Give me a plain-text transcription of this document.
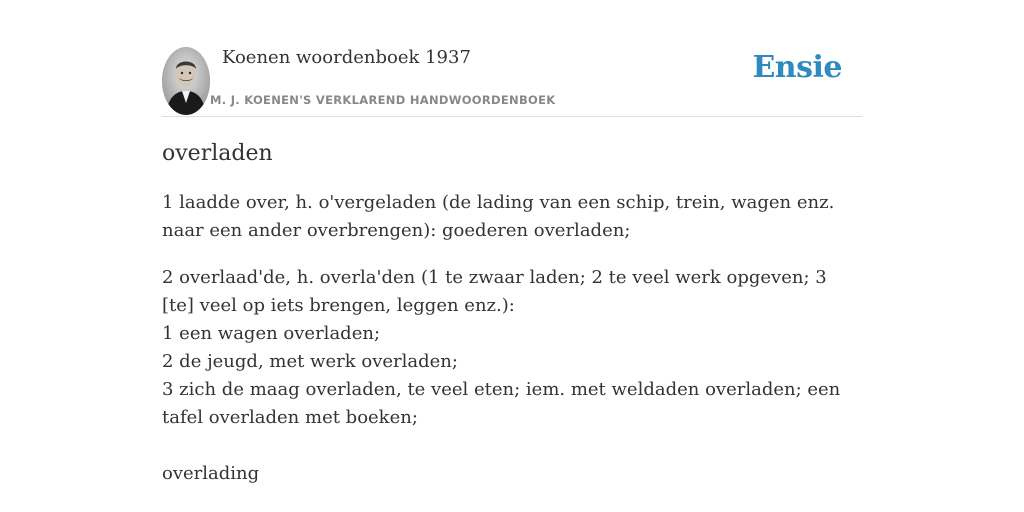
Koenen woordenboek 1937
M. J. KOENEN'S VERKLAREND HANDWOORDENBOEK
Ensie
overladen

1 laadde over, h. o'vergeladen (de lading van een schip, trein, wagen enz. naar een ander overbrengen): goederen overladen;

2 overlaad'de, h. overla'den (1 te zwaar laden; 2 te veel werk opgeven; 3 [te] veel op iets brengen, leggen enz.):
1 een wagen overladen;
2 de jeugd, met werk overladen;
3 zich de maag overladen, te veel eten; iem. met weldaden overladen; een tafel overladen met boeken;

overlading
